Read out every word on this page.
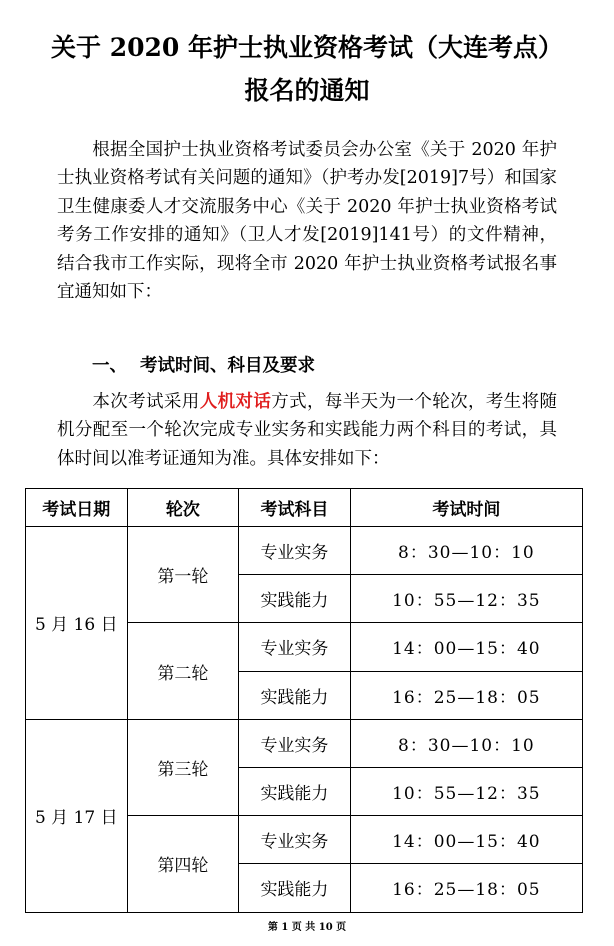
关于 2020 年护士执业资格考试（大连考点）
报名的通知
根据全国护士执业资格考试委员会办公室《关于 2020 年护士执业资格考试有关问题的通知》（护考办发[2019]7号）和国家卫生健康委人才交流服务中心《关于 2020 年护士执业资格考试考务工作安排的通知》（卫人才发[2019]141号）的文件精神，结合我市工作实际，现将全市 2020 年护士执业资格考试报名事宜通知如下：
一、 考试时间、科目及要求
本次考试采用人机对话方式，每半天为一个轮次，考生将随机分配至一个轮次完成专业实务和实践能力两个科目的考试，具体时间以准考证通知为准。具体安排如下：
考试日期	轮次	考试科目	考试时间
5 月 16 日	第一轮	专业实务	8：30—10：10
		实践能力	10：55—12：35
	第二轮	专业实务	14：00—15：40
		实践能力	16：25—18：05
5 月 17 日	第三轮	专业实务	8：30—10：10
		实践能力	10：55—12：35
	第四轮	专业实务	14：00—15：40
		实践能力	16：25—18：05
第 1 页 共 10 页
